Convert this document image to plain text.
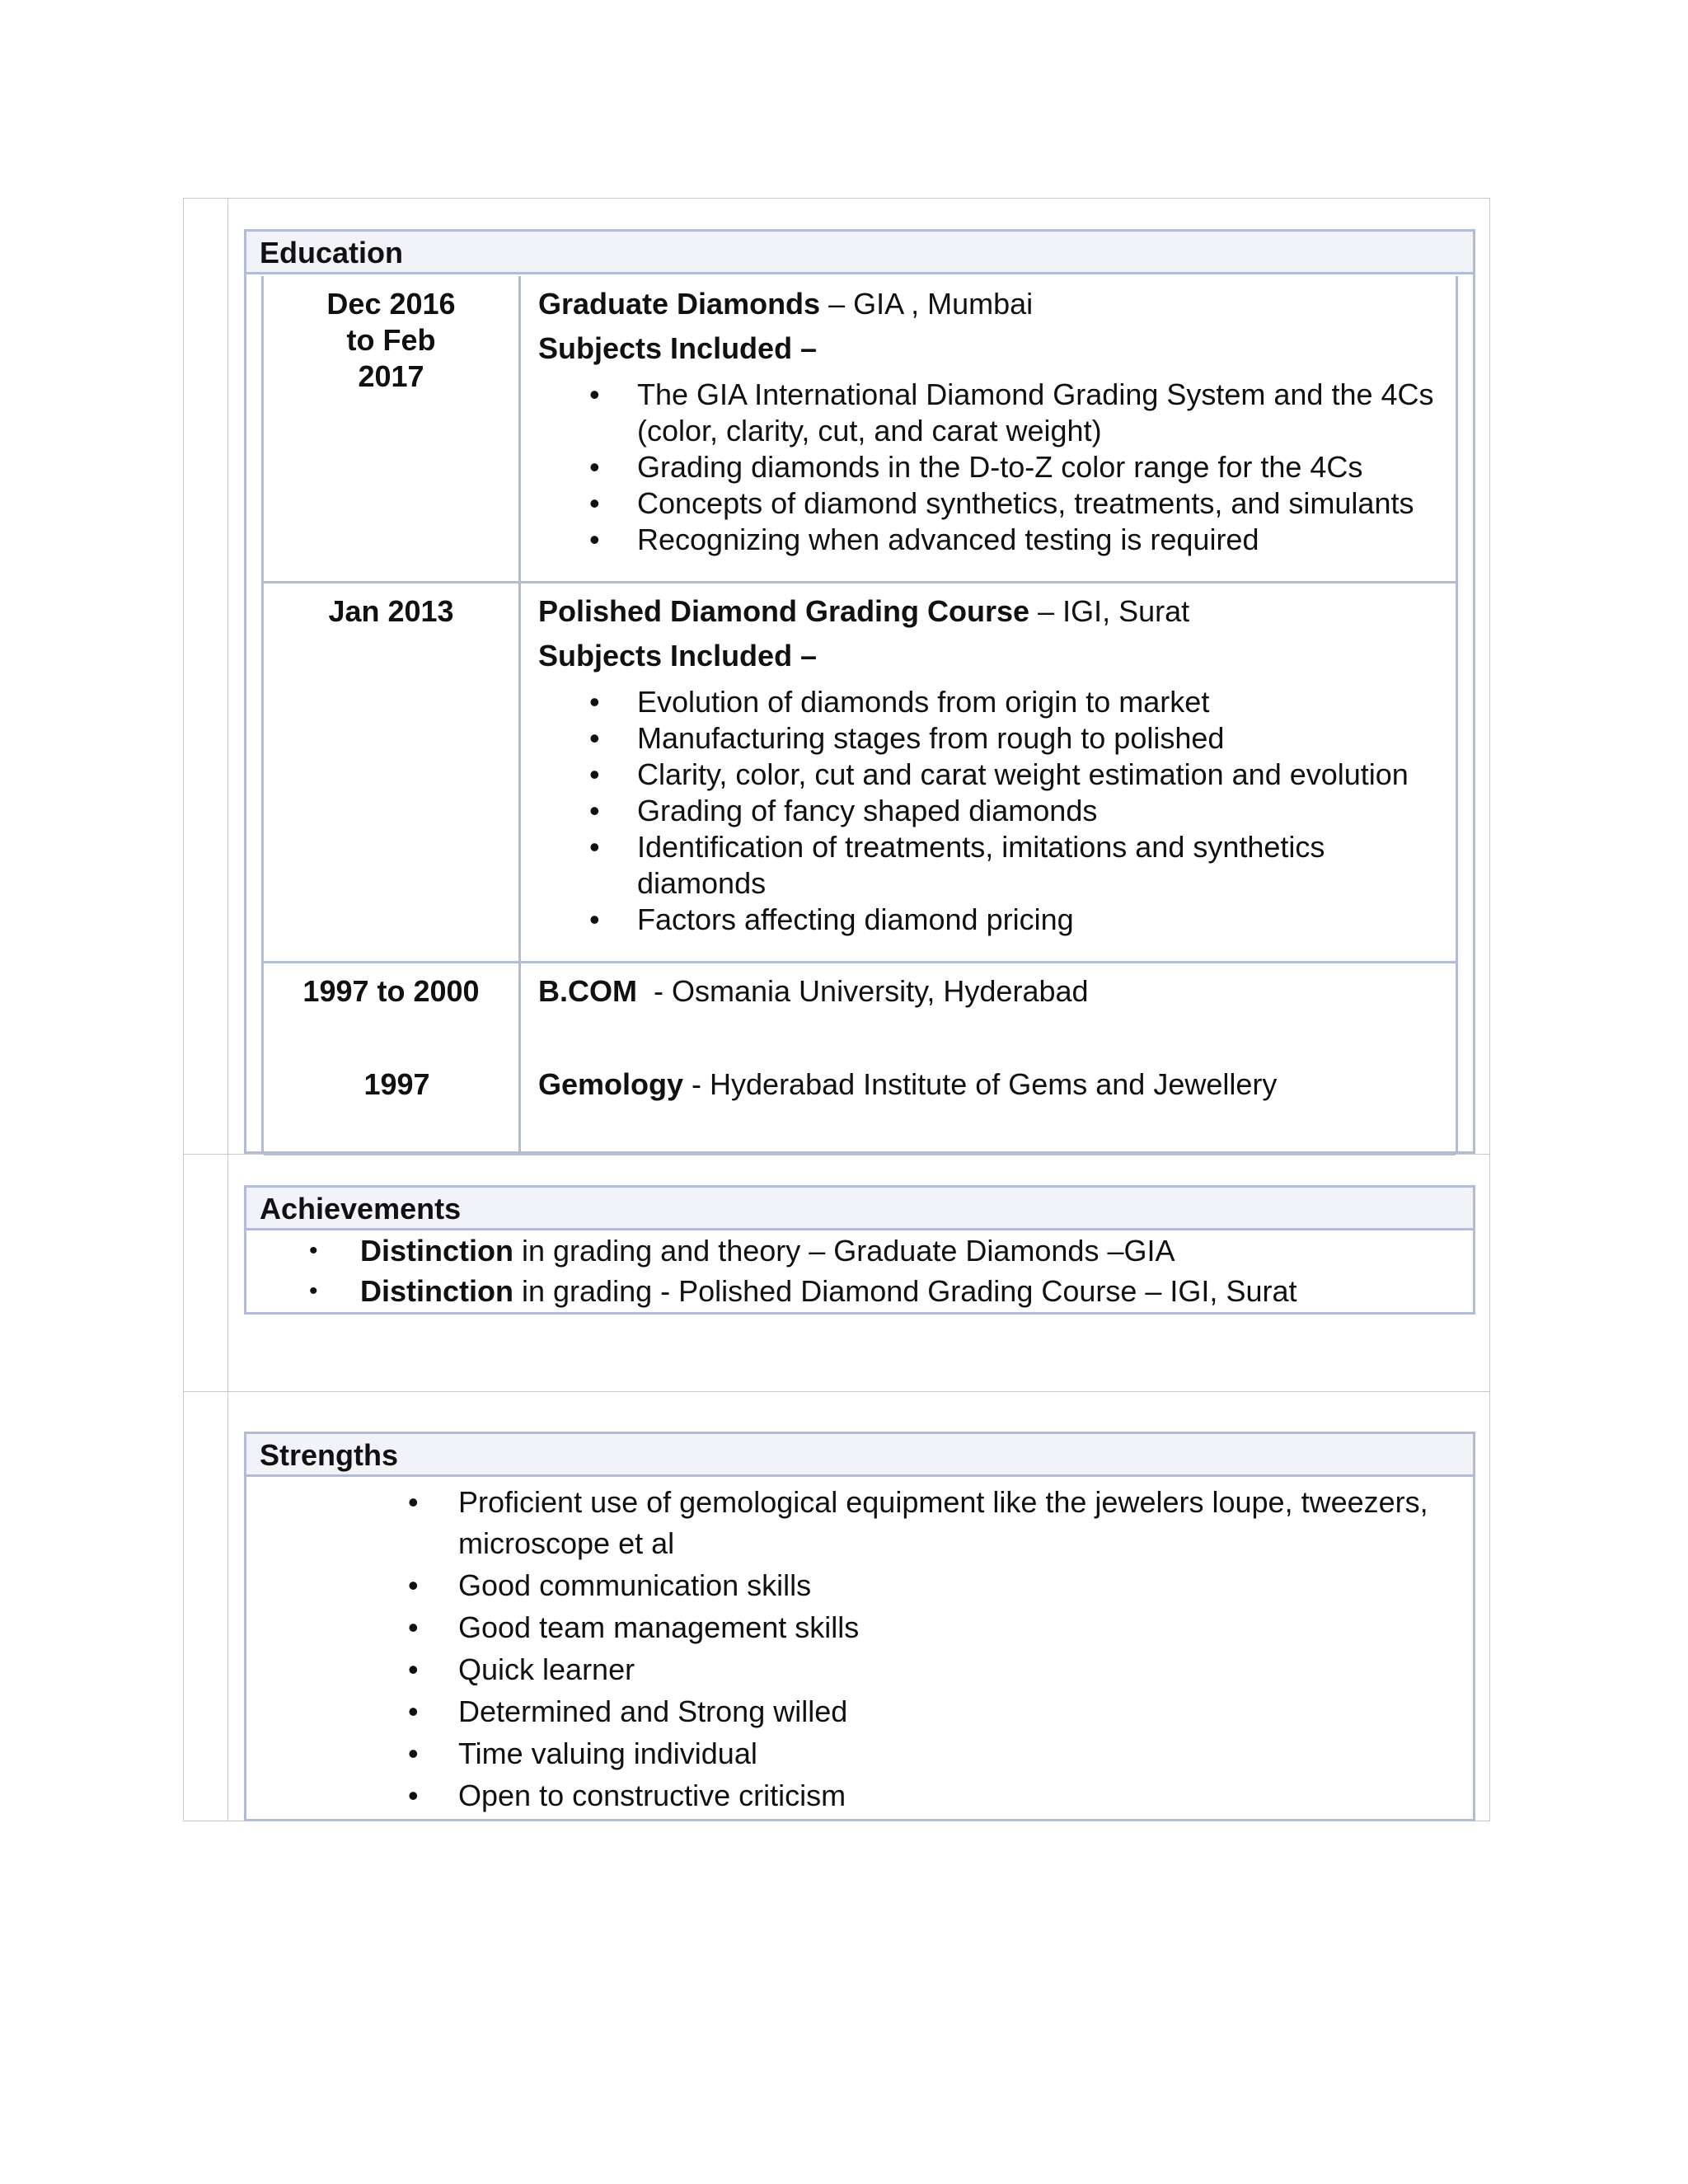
Education
Dec 2016 to Feb 2017
Graduate Diamonds – GIA , Mumbai
Subjects Included –
• The GIA International Diamond Grading System and the 4Cs (color, clarity, cut, and carat weight)
• Grading diamonds in the D-to-Z color range for the 4Cs
• Concepts of diamond synthetics, treatments, and simulants
• Recognizing when advanced testing is required
Jan 2013	Polished Diamond Grading Course – IGI, Surat
Subjects Included –
• Evolution of diamonds from origin to market
• Manufacturing stages from rough to polished
• Clarity, color, cut and carat weight estimation and evolution
• Grading of fancy shaped diamonds
• Identification of treatments, imitations and synthetics diamonds
• Factors affecting diamond pricing
1997 to 2000
1997
B.COM  - Osmania University, Hyderabad
Gemology - Hyderabad Institute of Gems and Jewellery
Achievements
• Distinction in grading and theory – Graduate Diamonds –GIA
• Distinction in grading - Polished Diamond Grading Course – IGI, Surat
Strengths
• Proficient use of gemological equipment like the jewelers loupe, tweezers, microscope et al
• Good communication skills
• Good team management skills
• Quick learner
• Determined and Strong willed
• Time valuing individual
• Open to constructive criticism
